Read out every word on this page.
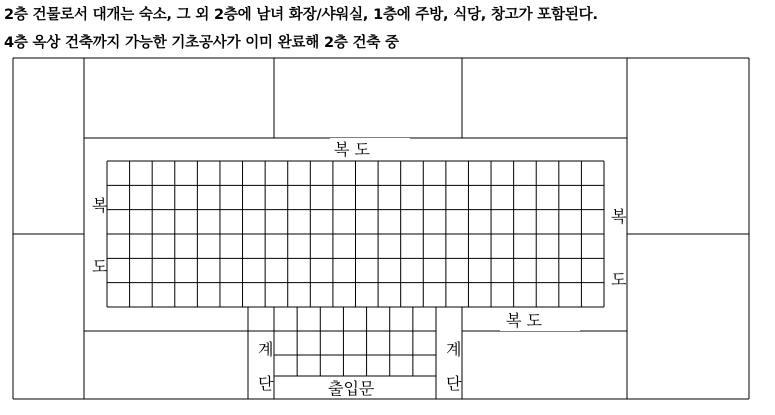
2층 건물로서 대개는 숙소, 그 외 2층에 남녀 화장/샤워실, 1층에 주방, 식당, 창고가 포함된다.
4층 옥상 건축까지 가능한 기초공사가 이미 완료해 2층 건축 중
복 도
복 도
복
도
복
도
계
단
계
단
출입문
